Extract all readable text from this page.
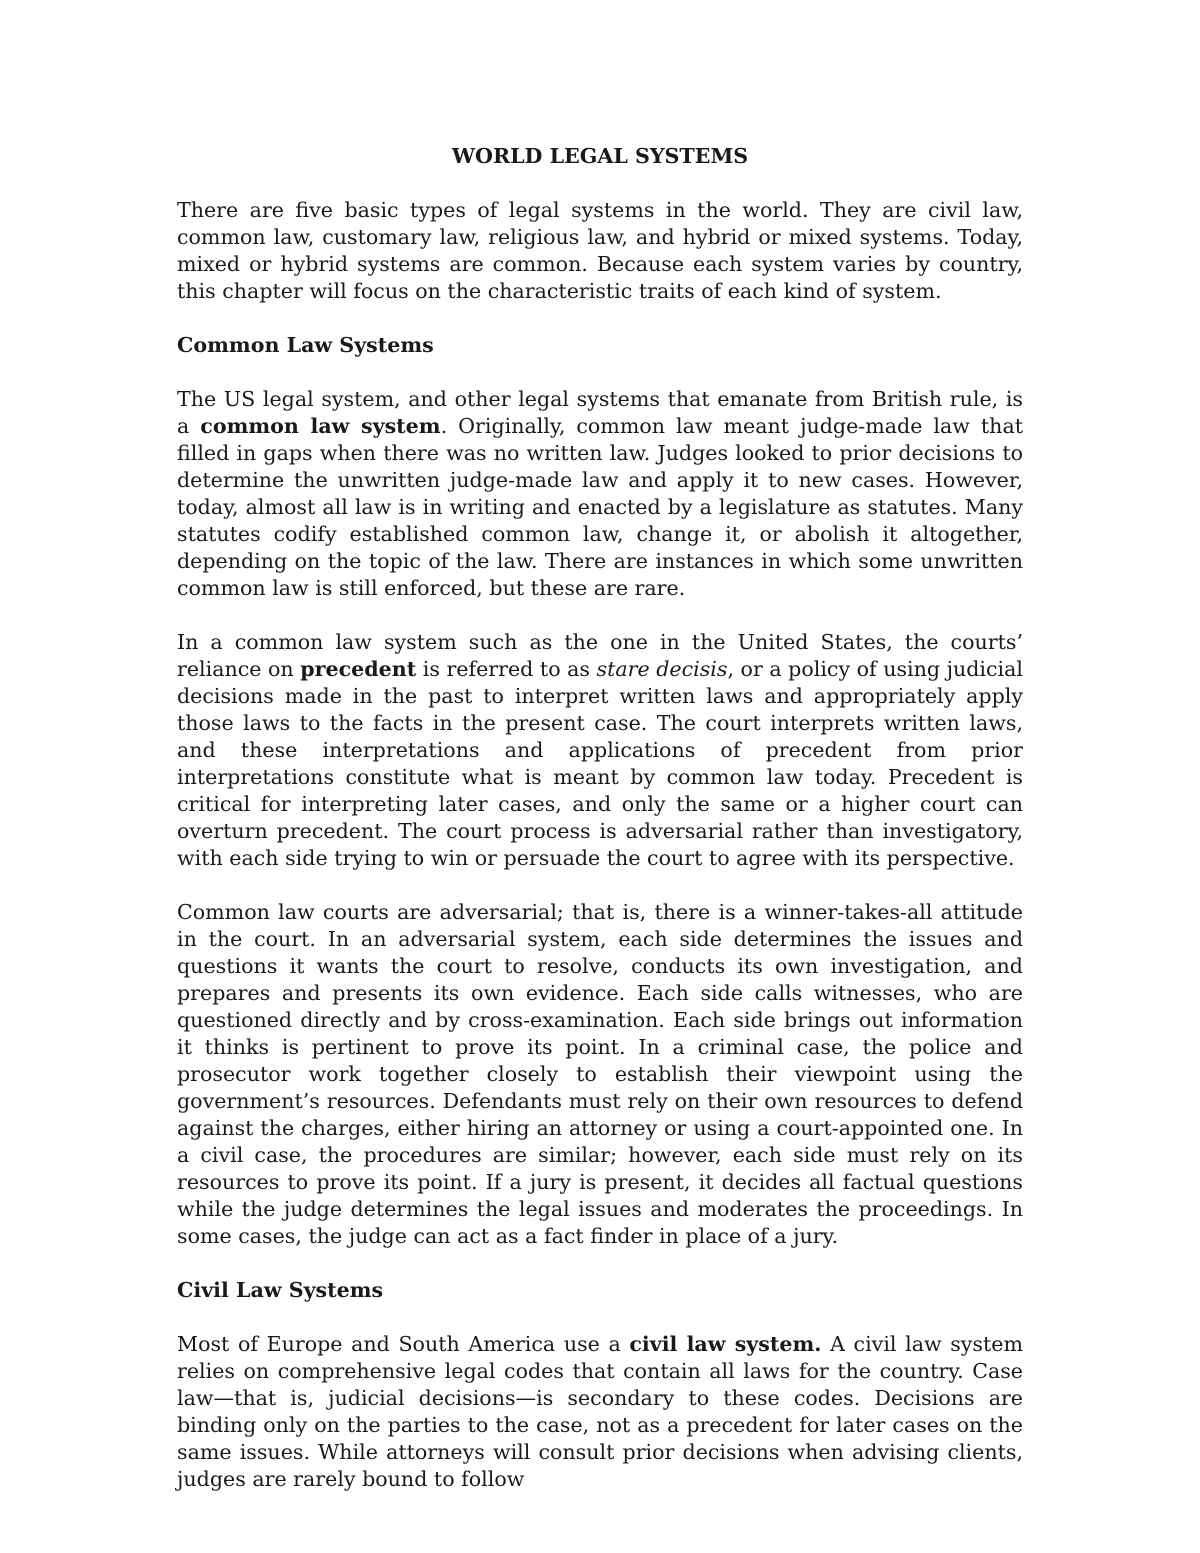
WORLD LEGAL SYSTEMS

There are five basic types of legal systems in the world. They are civil law, common law, customary law, religious law, and hybrid or mixed systems. Today, mixed or hybrid systems are common. Because each system varies by country, this chapter will focus on the characteristic traits of each kind of system.

Common Law Systems

The US legal system, and other legal systems that emanate from British rule, is a common law system. Originally, common law meant judge-made law that filled in gaps when there was no written law. Judges looked to prior decisions to determine the unwritten judge-made law and apply it to new cases. However, today, almost all law is in writing and enacted by a legislature as statutes. Many statutes codify established common law, change it, or abolish it altogether, depending on the topic of the law. There are instances in which some unwritten common law is still enforced, but these are rare.

In a common law system such as the one in the United States, the courts’ reliance on precedent is referred to as stare decisis, or a policy of using judicial decisions made in the past to interpret written laws and appropriately apply those laws to the facts in the present case. The court interprets written laws, and these interpretations and applications of precedent from prior interpretations constitute what is meant by common law today. Precedent is critical for interpreting later cases, and only the same or a higher court can overturn precedent. The court process is adversarial rather than investigatory, with each side trying to win or persuade the court to agree with its perspective.

Common law courts are adversarial; that is, there is a winner-takes-all attitude in the court. In an adversarial system, each side determines the issues and questions it wants the court to resolve, conducts its own investigation, and prepares and presents its own evidence. Each side calls witnesses, who are questioned directly and by cross-examination. Each side brings out information it thinks is pertinent to prove its point. In a criminal case, the police and prosecutor work together closely to establish their viewpoint using the government’s resources. Defendants must rely on their own resources to defend against the charges, either hiring an attorney or using a court-appointed one. In a civil case, the procedures are similar; however, each side must rely on its resources to prove its point. If a jury is present, it decides all factual questions while the judge determines the legal issues and moderates the proceedings. In some cases, the judge can act as a fact finder in place of a jury.

Civil Law Systems

Most of Europe and South America use a civil law system. A civil law system relies on comprehensive legal codes that contain all laws for the country. Case law—that is, judicial decisions—is secondary to these codes. Decisions are binding only on the parties to the case, not as a precedent for later cases on the same issues. While attorneys will consult prior decisions when advising clients, judges are rarely bound to follow
